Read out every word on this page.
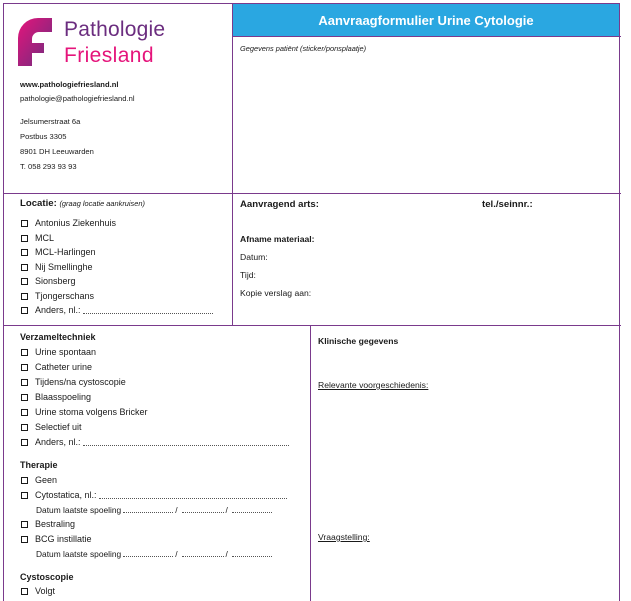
Pathologie
Friesland
www.pathologiefriesland.nl
pathologie@pathologiefriesland.nl
Jelsumerstraat 6a
Postbus 3305
8901 DH Leeuwarden
T. 058 293 93 93
Aanvraagformulier Urine Cytologie
Gegevens patiënt (sticker/ponsplaatje)
Locatie: (graag locatie aankruisen)
Antonius Ziekenhuis
MCL
MCL-Harlingen
Nij Smellinghe
Sionsberg
Tjongerschans
Anders, nl.:
Aanvragend arts:	tel./seinnr.:
Afname materiaal:
Datum:
Tijd:
Kopie verslag aan:
Verzameltechniek
Urine spontaan
Catheter urine
Tijdens/na cystoscopie
Blaasspoeling
Urine stoma volgens Bricker
Selectief uit
Anders, nl.:
Therapie
Geen
Cytostatica, nl.:
Datum laatste spoeling	/	/
Bestraling
BCG instillatie
Datum laatste spoeling	/	/
Cystoscopie
Volgt
Klinische gegevens
Relevante voorgeschiedenis:
Vraagstelling:
